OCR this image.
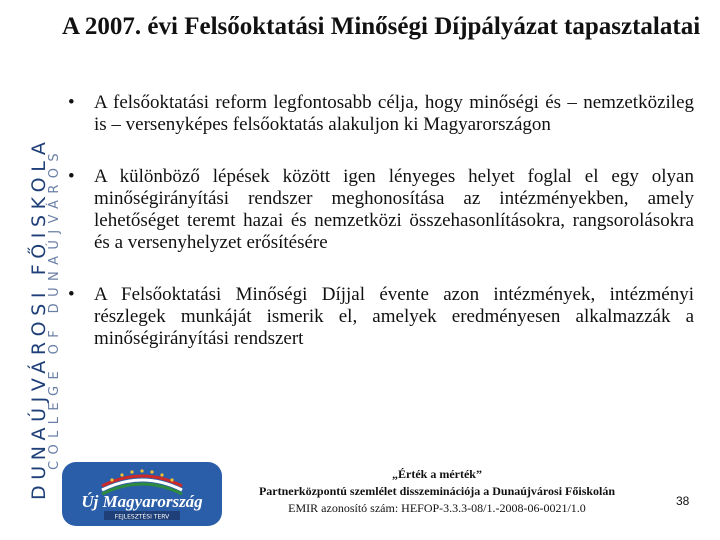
DUNAÚJVÁROSI FŐISKOLA
COLLEGE OF DUNAÚJVÁROS
A 2007. évi Felsőoktatási Minőségi Díjpályázat tapasztalatai
• A felsőoktatási reform legfontosabb célja, hogy minőségi és – nemzetközileg is – versenyképes felsőoktatás alakuljon ki Magyarországon
• A különböző lépések között igen lényeges helyet foglal el egy olyan minőségirányítási rendszer meghonosítása az intézményekben, amely lehetőséget teremt hazai és nemzetközi összehasonlításokra, rangsorolásokra és a versenyhelyzet erősítésére
• A Felsőoktatási Minőségi Díjjal évente azon intézmények, intézményi részlegek munkáját ismerik el, amelyek eredményesen alkalmazzák a minőségirányítási rendszert
Új Magyarország
FEJLESZTÉSI TERV
„Érték a mérték”
Partnerközpontú szemlélet disszeminációja a Dunaújvárosi Főiskolán
EMIR azonosító szám: HEFOP-3.3.3-08/1.-2008-06-0021/1.0	38
